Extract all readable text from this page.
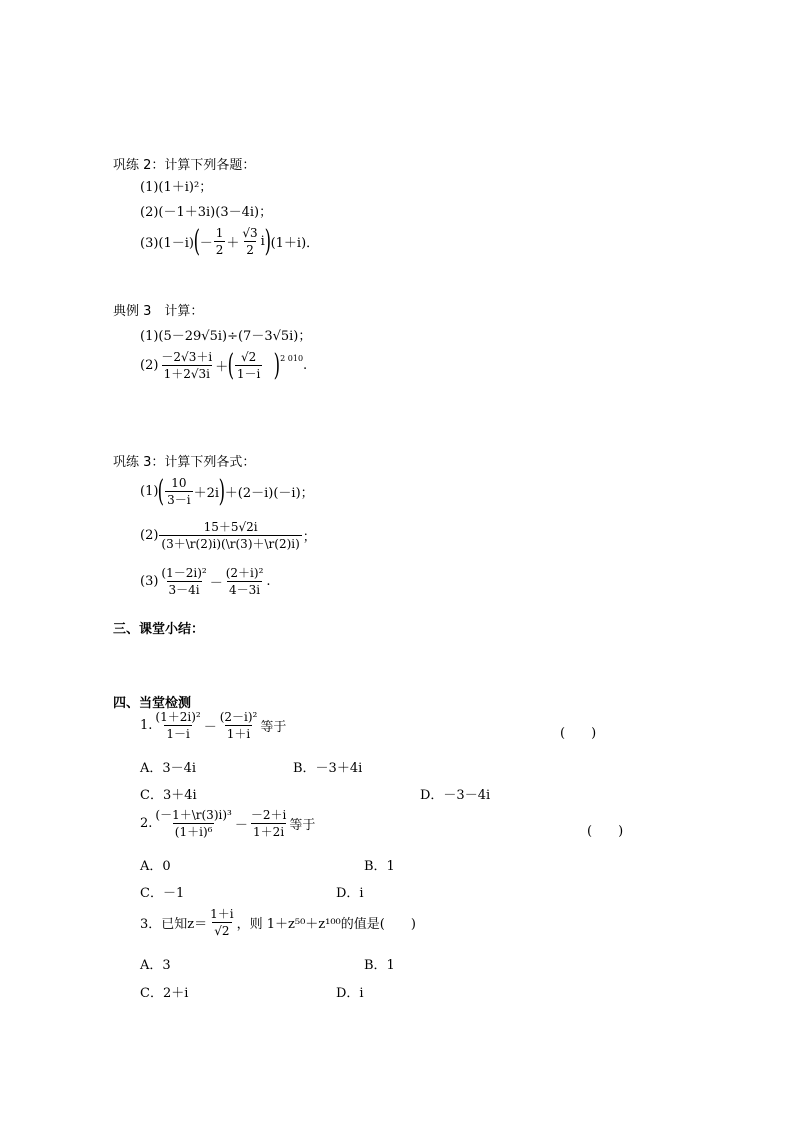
巩练 2：计算下列各题：
(1)(1＋i)²；
(2)(－1＋3i)(3－4i)；
(3)(1－i) ( － $\frac{1}{2} + \frac{√3}{2}$ i ) (1＋i)．
典例 3　计算：
(1)(5－29√5i)÷(7－3√5i)；
$(2) \frac{-2√3+i}{1+2√3i}$ ＋ ( $\frac{√2}{1-i} )^{2 010}$ .
巩练 3：计算下列各式：
(1) ( $\frac{10}{3-i} +2i$ ) ＋(2－i)(－i)；
$(2) \frac{15+5√2i}{(3+\backslash r(2)i)(\backslash r(3)+\backslash r(2)i)}$ ；
$(3) \frac{\text{(1－2i)²}}{3-4i} - \frac{\text{(2＋i)²}}{4-3i}$ .
三、课堂小结：
四、当堂检测
1. $\frac{\text{(1＋2i)²}}{1-i} - \frac{\text{(2－i)²}}{1+i}$ 等于	(　　)
A．3－4i	B．－3＋4i
C．3＋4i	D．－3－4i
2. $\frac{\text{(－1＋\textbackslash{}r(3)i)³}}{\text{(1＋i)⁶}} - \frac{-2+i}{1+2i}$ 等于	(　　)
A．0	B．1
C．－1	D．i
3．已知$z= \frac{1+i}{√2}$ ，则 1＋z⁵⁰＋z¹⁰⁰的值是(　　)
A．3	B．1
C．2＋i	D．i
